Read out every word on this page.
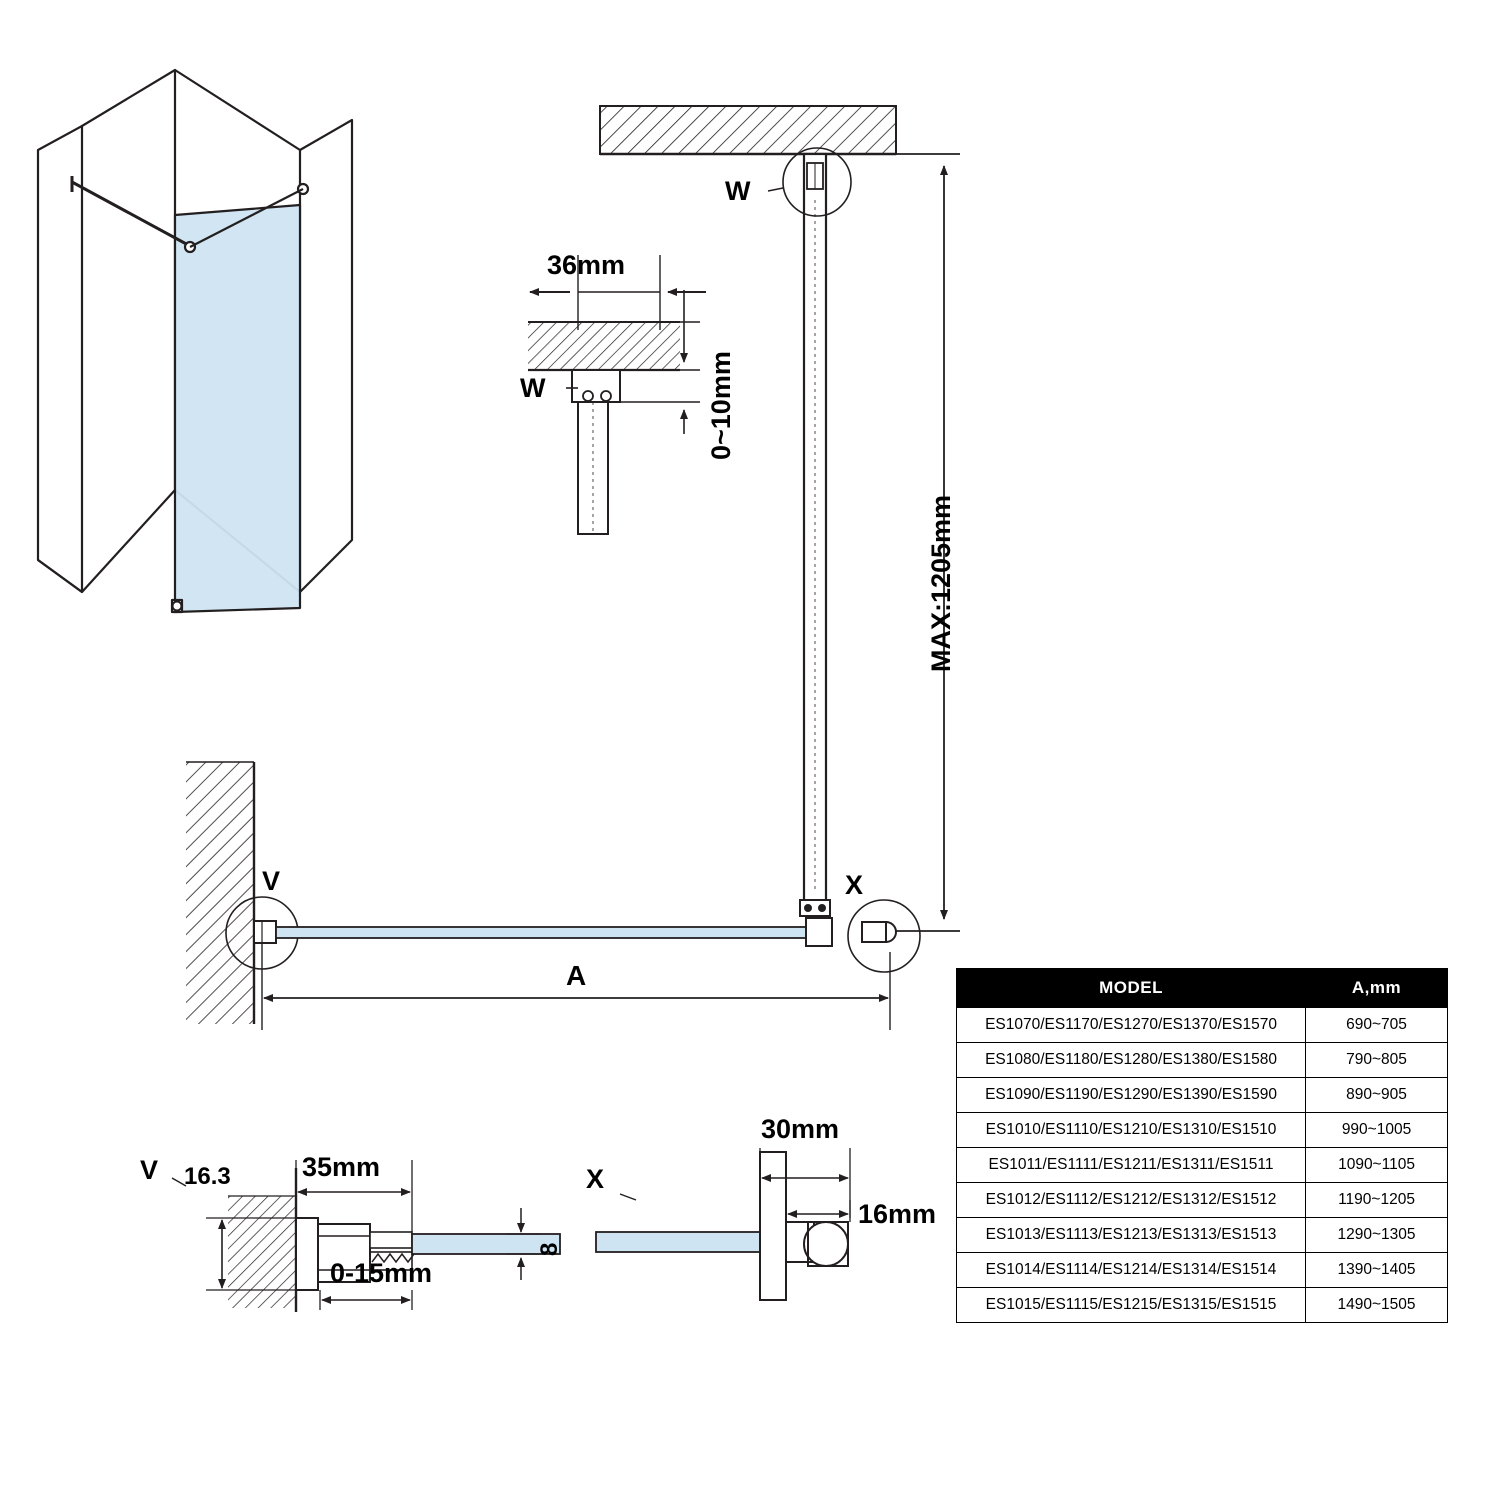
W
W
36mm
0~10mm
MAX:1205mm
V	X
A
V 16.3	35mm
8
0-15mm
X
30mm
16mm
MODEL	A,mm
ES1070/ES1170/ES1270/ES1370/ES1570	690~705
ES1080/ES1180/ES1280/ES1380/ES1580	790~805
ES1090/ES1190/ES1290/ES1390/ES1590	890~905
ES1010/ES1110/ES1210/ES1310/ES1510	990~1005
ES1011/ES1111/ES1211/ES1311/ES1511	1090~1105
ES1012/ES1112/ES1212/ES1312/ES1512	1190~1205
ES1013/ES1113/ES1213/ES1313/ES1513	1290~1305
ES1014/ES1114/ES1214/ES1314/ES1514	1390~1405
ES1015/ES1115/ES1215/ES1315/ES1515	1490~1505
